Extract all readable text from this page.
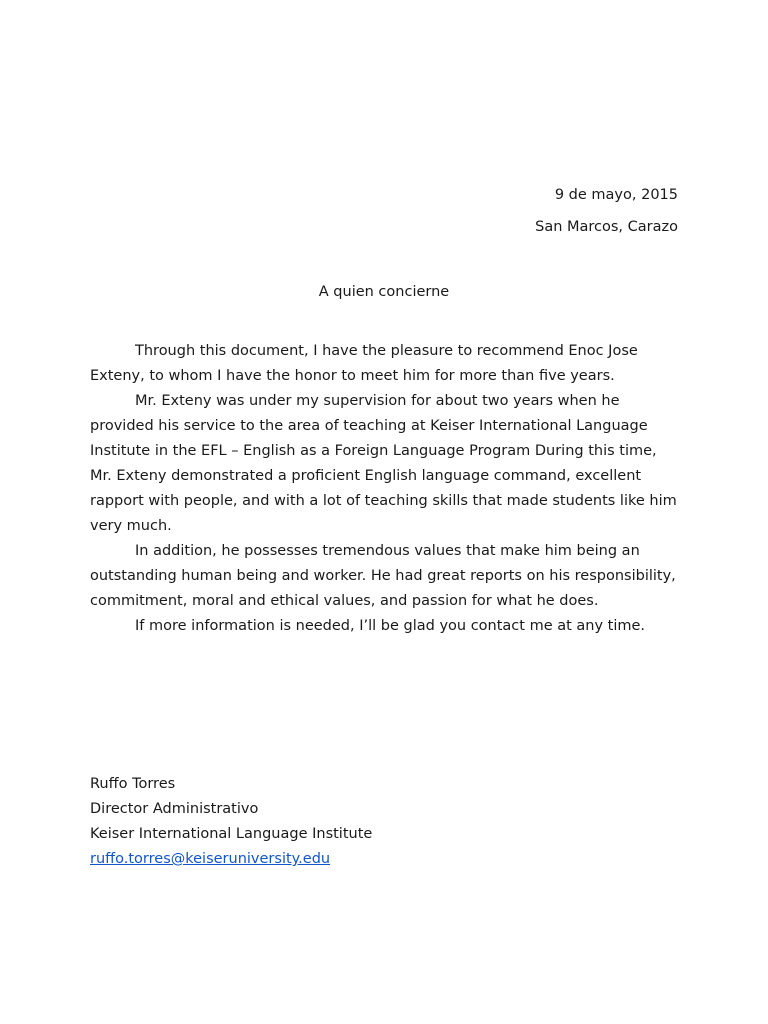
9 de mayo, 2015
San Marcos, Carazo
A quien concierne

Through this document, I have the pleasure to recommend Enoc Jose Exteny, to whom I have the honor to meet him for more than five years.

Mr. Exteny was under my supervision for about two years when he provided his service to the area of teaching at Keiser International Language Institute in the EFL – English as a Foreign Language Program During this time, Mr. Exteny demonstrated a proficient English language command, excellent rapport with people, and with a lot of teaching skills that made students like him very much.

In addition, he possesses tremendous values that make him being an outstanding human being and worker. He had great reports on his responsibility, commitment, moral and ethical values, and passion for what he does.

If more information is needed, I’ll be glad you contact me at any time.

Ruffo Torres
Director Administrativo
Keiser International Language Institute
ruffo.torres@keiseruniversity.edu
